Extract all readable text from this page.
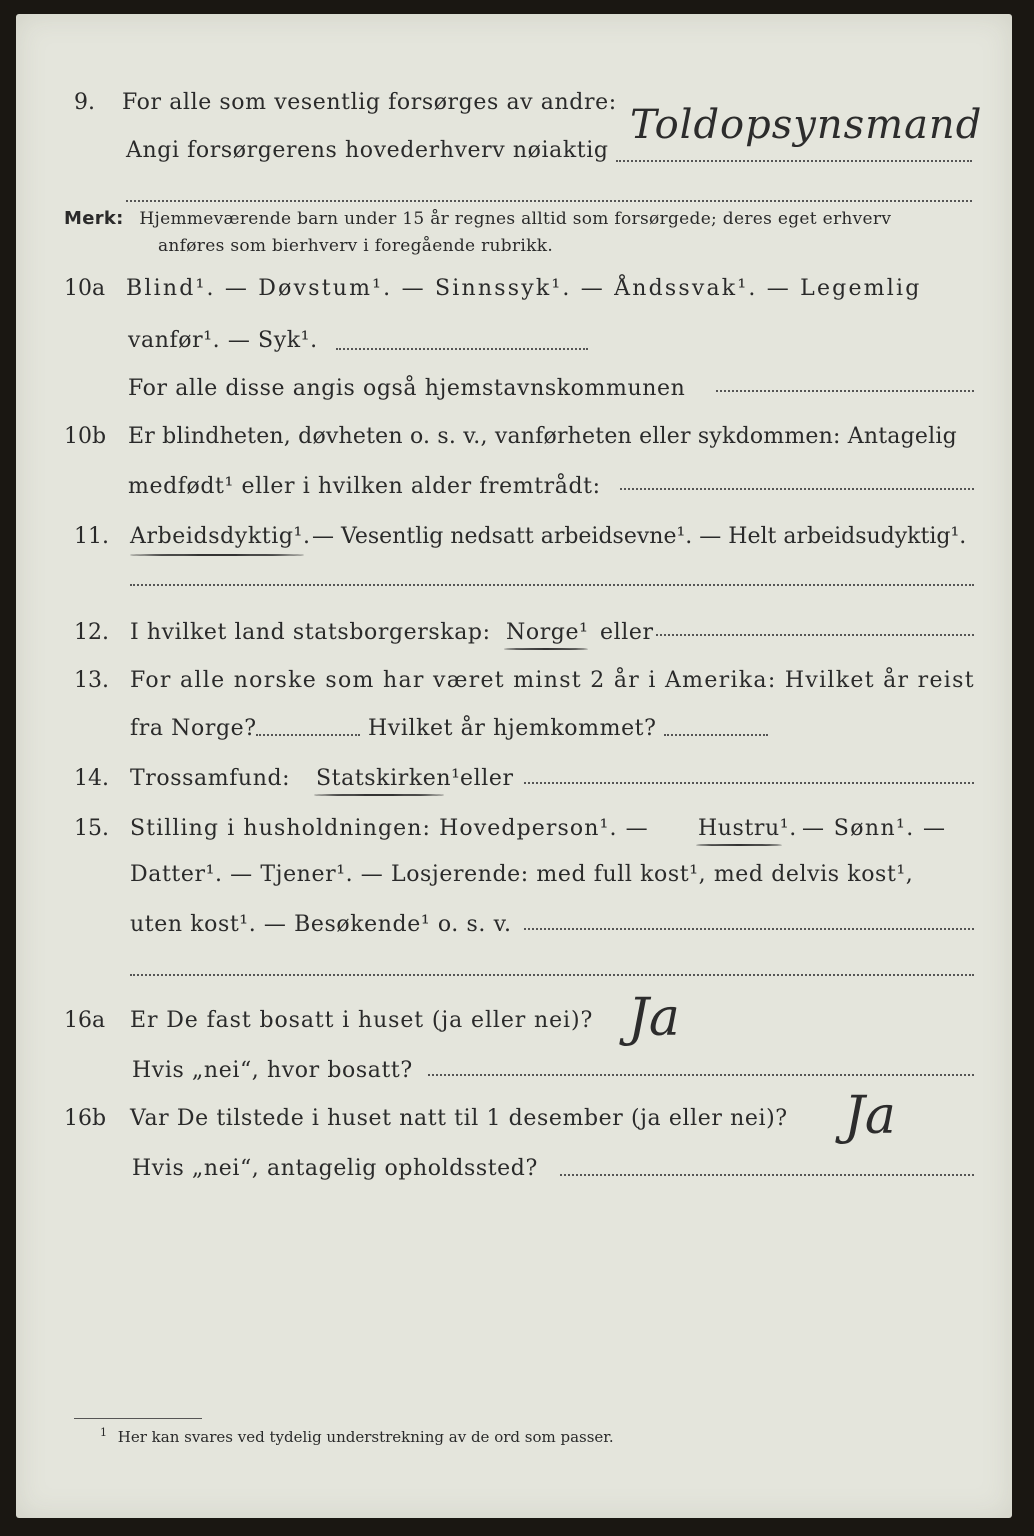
9. For alle som vesentlig forsørges av andre:
Angi forsørgerens hovederhverv nøiaktig
Toldopsynsmand
Merk: Hjemmeværende barn under 15 år regnes alltid som forsørgede; deres eget erhverv
anføres som bierhverv i foregående rubrikk.
10a Blind¹. — Døvstum¹. — Sinnssyk¹. — Åndssvak¹. — Legemlig
vanfør¹. — Syk¹.
For alle disse angis også hjemstavnskommunen
10b Er blindheten, døvheten o. s. v., vanførheten eller sykdommen: Antagelig
medfødt¹ eller i hvilken alder fremtrådt:
11. Arbeidsdyktig¹. — Vesentlig nedsatt arbeidsevne¹. — Helt arbeidsudyktig¹.
12. I hvilket land statsborgerskap: Norge¹ eller
13. For alle norske som har været minst 2 år i Amerika: Hvilket år reist
fra Norge?	Hvilket år hjemkommet?
14. Trossamfund: Statskirken¹ eller
15. Stilling i husholdningen: Hovedperson¹. — Hustru¹. — Sønn¹. —
Datter¹. — Tjener¹. — Losjerende: med full kost¹, med delvis kost¹,
uten kost¹. — Besøkende¹ o. s. v.
16a Er De fast bosatt i huset (ja eller nei)? Ja
Hvis „nei“, hvor bosatt?
16b Var De tilstede i huset natt til 1 desember (ja eller nei)? Ja
Hvis „nei“, antagelig opholdssted?
$^1$ Her kan svares ved tydelig understrekning av de ord som passer.
